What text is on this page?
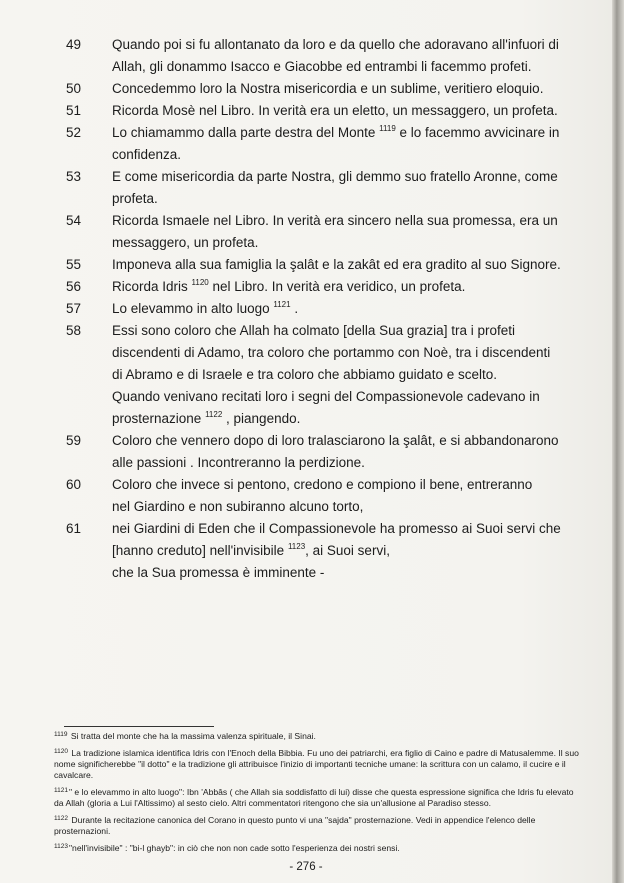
49	Quando poi si fu allontanato da loro e da quello che adoravano all'infuori di
Allah, gli donammo Isacco e Giacobbe ed entrambi li facemmo profeti.
50	Concedemmo loro la Nostra misericordia e un sublime, veritiero eloquio.
51	Ricorda Mosè nel Libro. In verità era un eletto, un messaggero, un profeta.
52	Lo chiamammo dalla parte destra del Monte $^{1119}$ e lo facemmo avvicinare in
confidenza.
53	E come misericordia da parte Nostra, gli demmo suo fratello Aronne, come
profeta.
54	Ricorda Ismaele nel Libro. In verità era sincero nella sua promessa, era un
messaggero, un profeta.
55	Imponeva alla sua famiglia la şalât e la zakât ed era gradito al suo Signore.
56	Ricorda Idris $^{1120}$ nel Libro. In verità era veridico, un profeta.
57	Lo elevammo in alto luogo $^{1121}$ .
58	Essi sono coloro che Allah ha colmato [della Sua grazia] tra i profeti
discendenti di Adamo, tra coloro che portammo con Noè, tra i discendenti
di Abramo e di Israele e tra coloro che abbiamo guidato e scelto.
Quando venivano recitati loro i segni del Compassionevole cadevano in
prosternazione $^{1122}$ , piangendo.
59	Coloro che vennero dopo di loro tralasciarono la şalât, e si abbandonarono
alle passioni . Incontreranno la perdizione.
60	Coloro che invece si pentono, credono e compiono il bene, entreranno
nel Giardino e non subiranno alcuno torto,
61	nei Giardini di Eden che il Compassionevole ha promesso ai Suoi servi che
[hanno creduto] nell'invisibile $^{1123}$, ai Suoi servi,
che la Sua promessa è imminente -
$^{1119}$ Si tratta del monte che ha la massima valenza spirituale, il Sinai.
$^{1120}$ La tradizione islamica identifica Idris con l'Enoch della Bibbia. Fu uno dei patriarchi, era figlio di Caino e padre di Matusalemme. Il suo nome significherebbe "il dotto" e la tradizione gli attribuisce l'inizio di importanti tecniche umane: la scrittura con un calamo, il cucire e il cavalcare.
$^{1121}$" e lo elevammo in alto luogo": Ibn 'Abbâs ( che Allah sia soddisfatto di lui) disse che questa espressione significa che Idris fu elevato da Allah (gloria a Lui l'Altissimo) al sesto cielo. Altri commentatori ritengono che sia un'allusione al Paradiso stesso.
$^{1122}$ Durante la recitazione canonica del Corano in questo punto vi una "sajda" prosternazione. Vedi in appendice l'elenco delle prosternazioni.
$^{1123}$"nell'invisibile" : "bi-l ghayb": in ciò che non non cade sotto l'esperienza dei nostri sensi.
- 276 -
